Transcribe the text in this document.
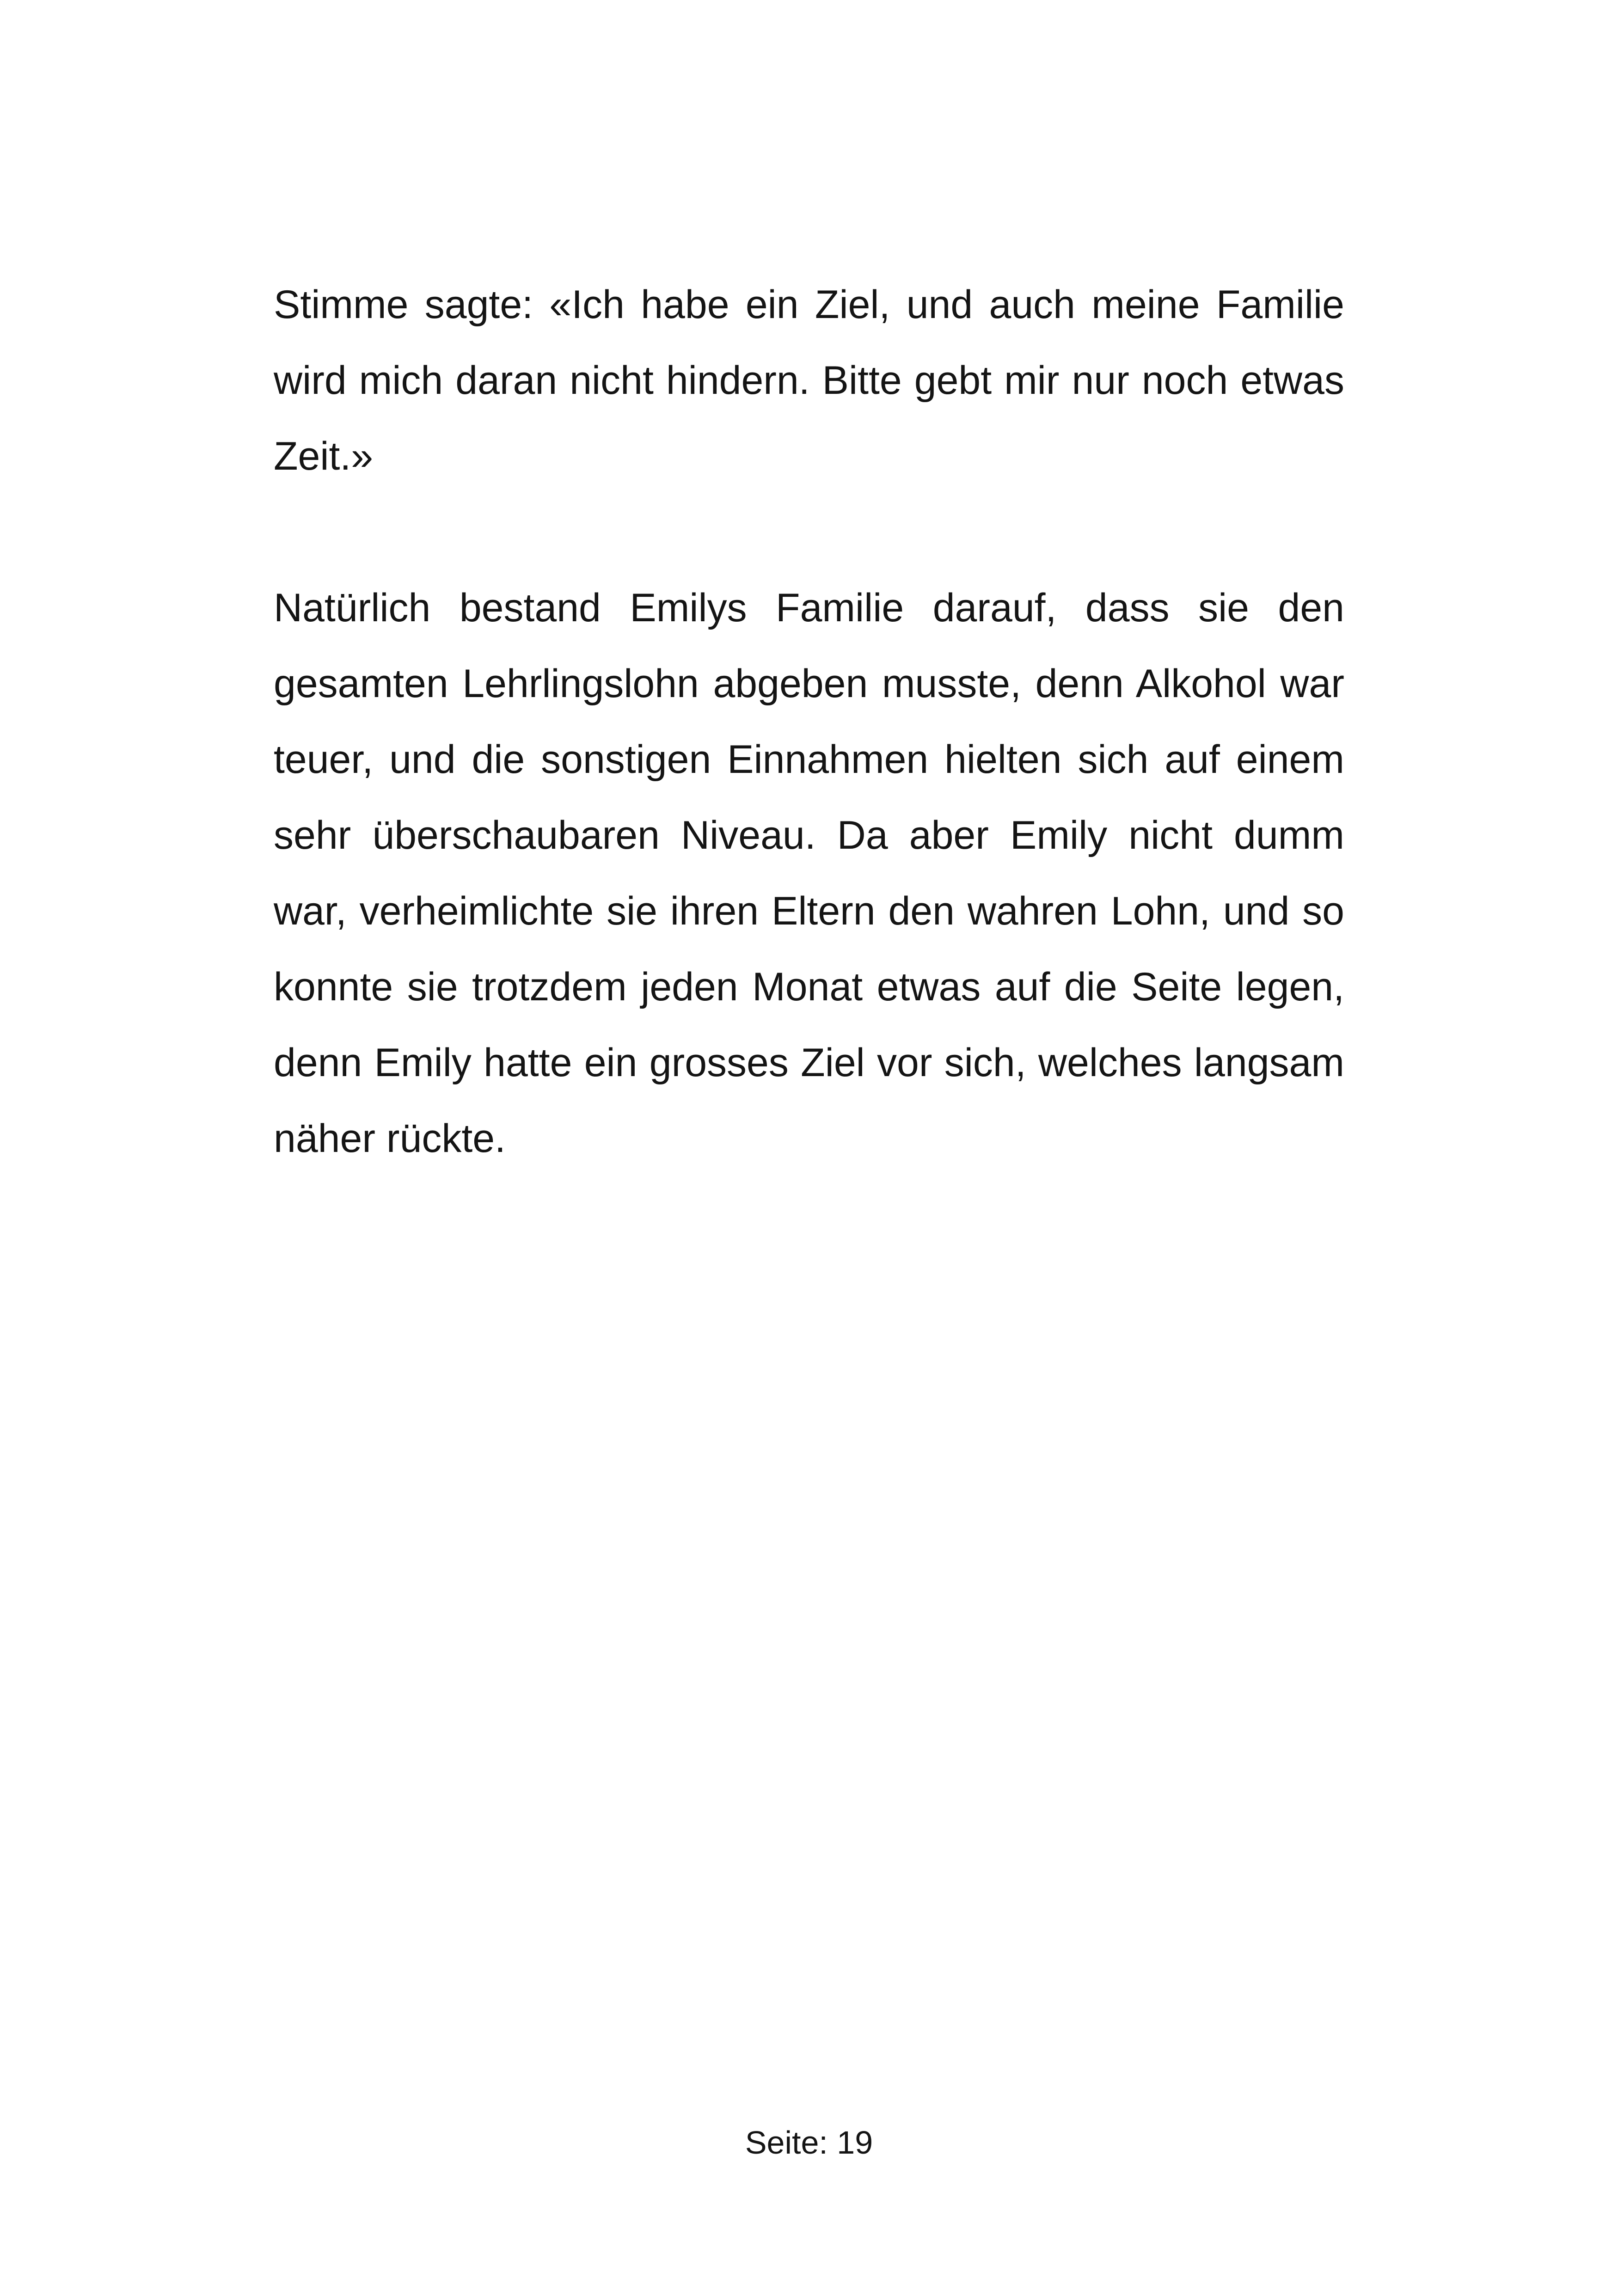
Stimme sagte: «Ich habe ein Ziel, und auch meine Familie wird mich daran nicht hindern. Bitte gebt mir nur noch etwas Zeit.»

Natürlich bestand Emilys Familie darauf, dass sie den gesamten Lehrlingslohn abgeben musste, denn Alkohol war teuer, und die sonstigen Einnahmen hielten sich auf einem sehr überschaubaren Niveau. Da aber Emily nicht dumm war, verheimlichte sie ihren Eltern den wahren Lohn, und so konnte sie trotzdem jeden Monat etwas auf die Seite legen, denn Emily hatte ein grosses Ziel vor sich, welches langsam näher rückte.

Seite: 19
